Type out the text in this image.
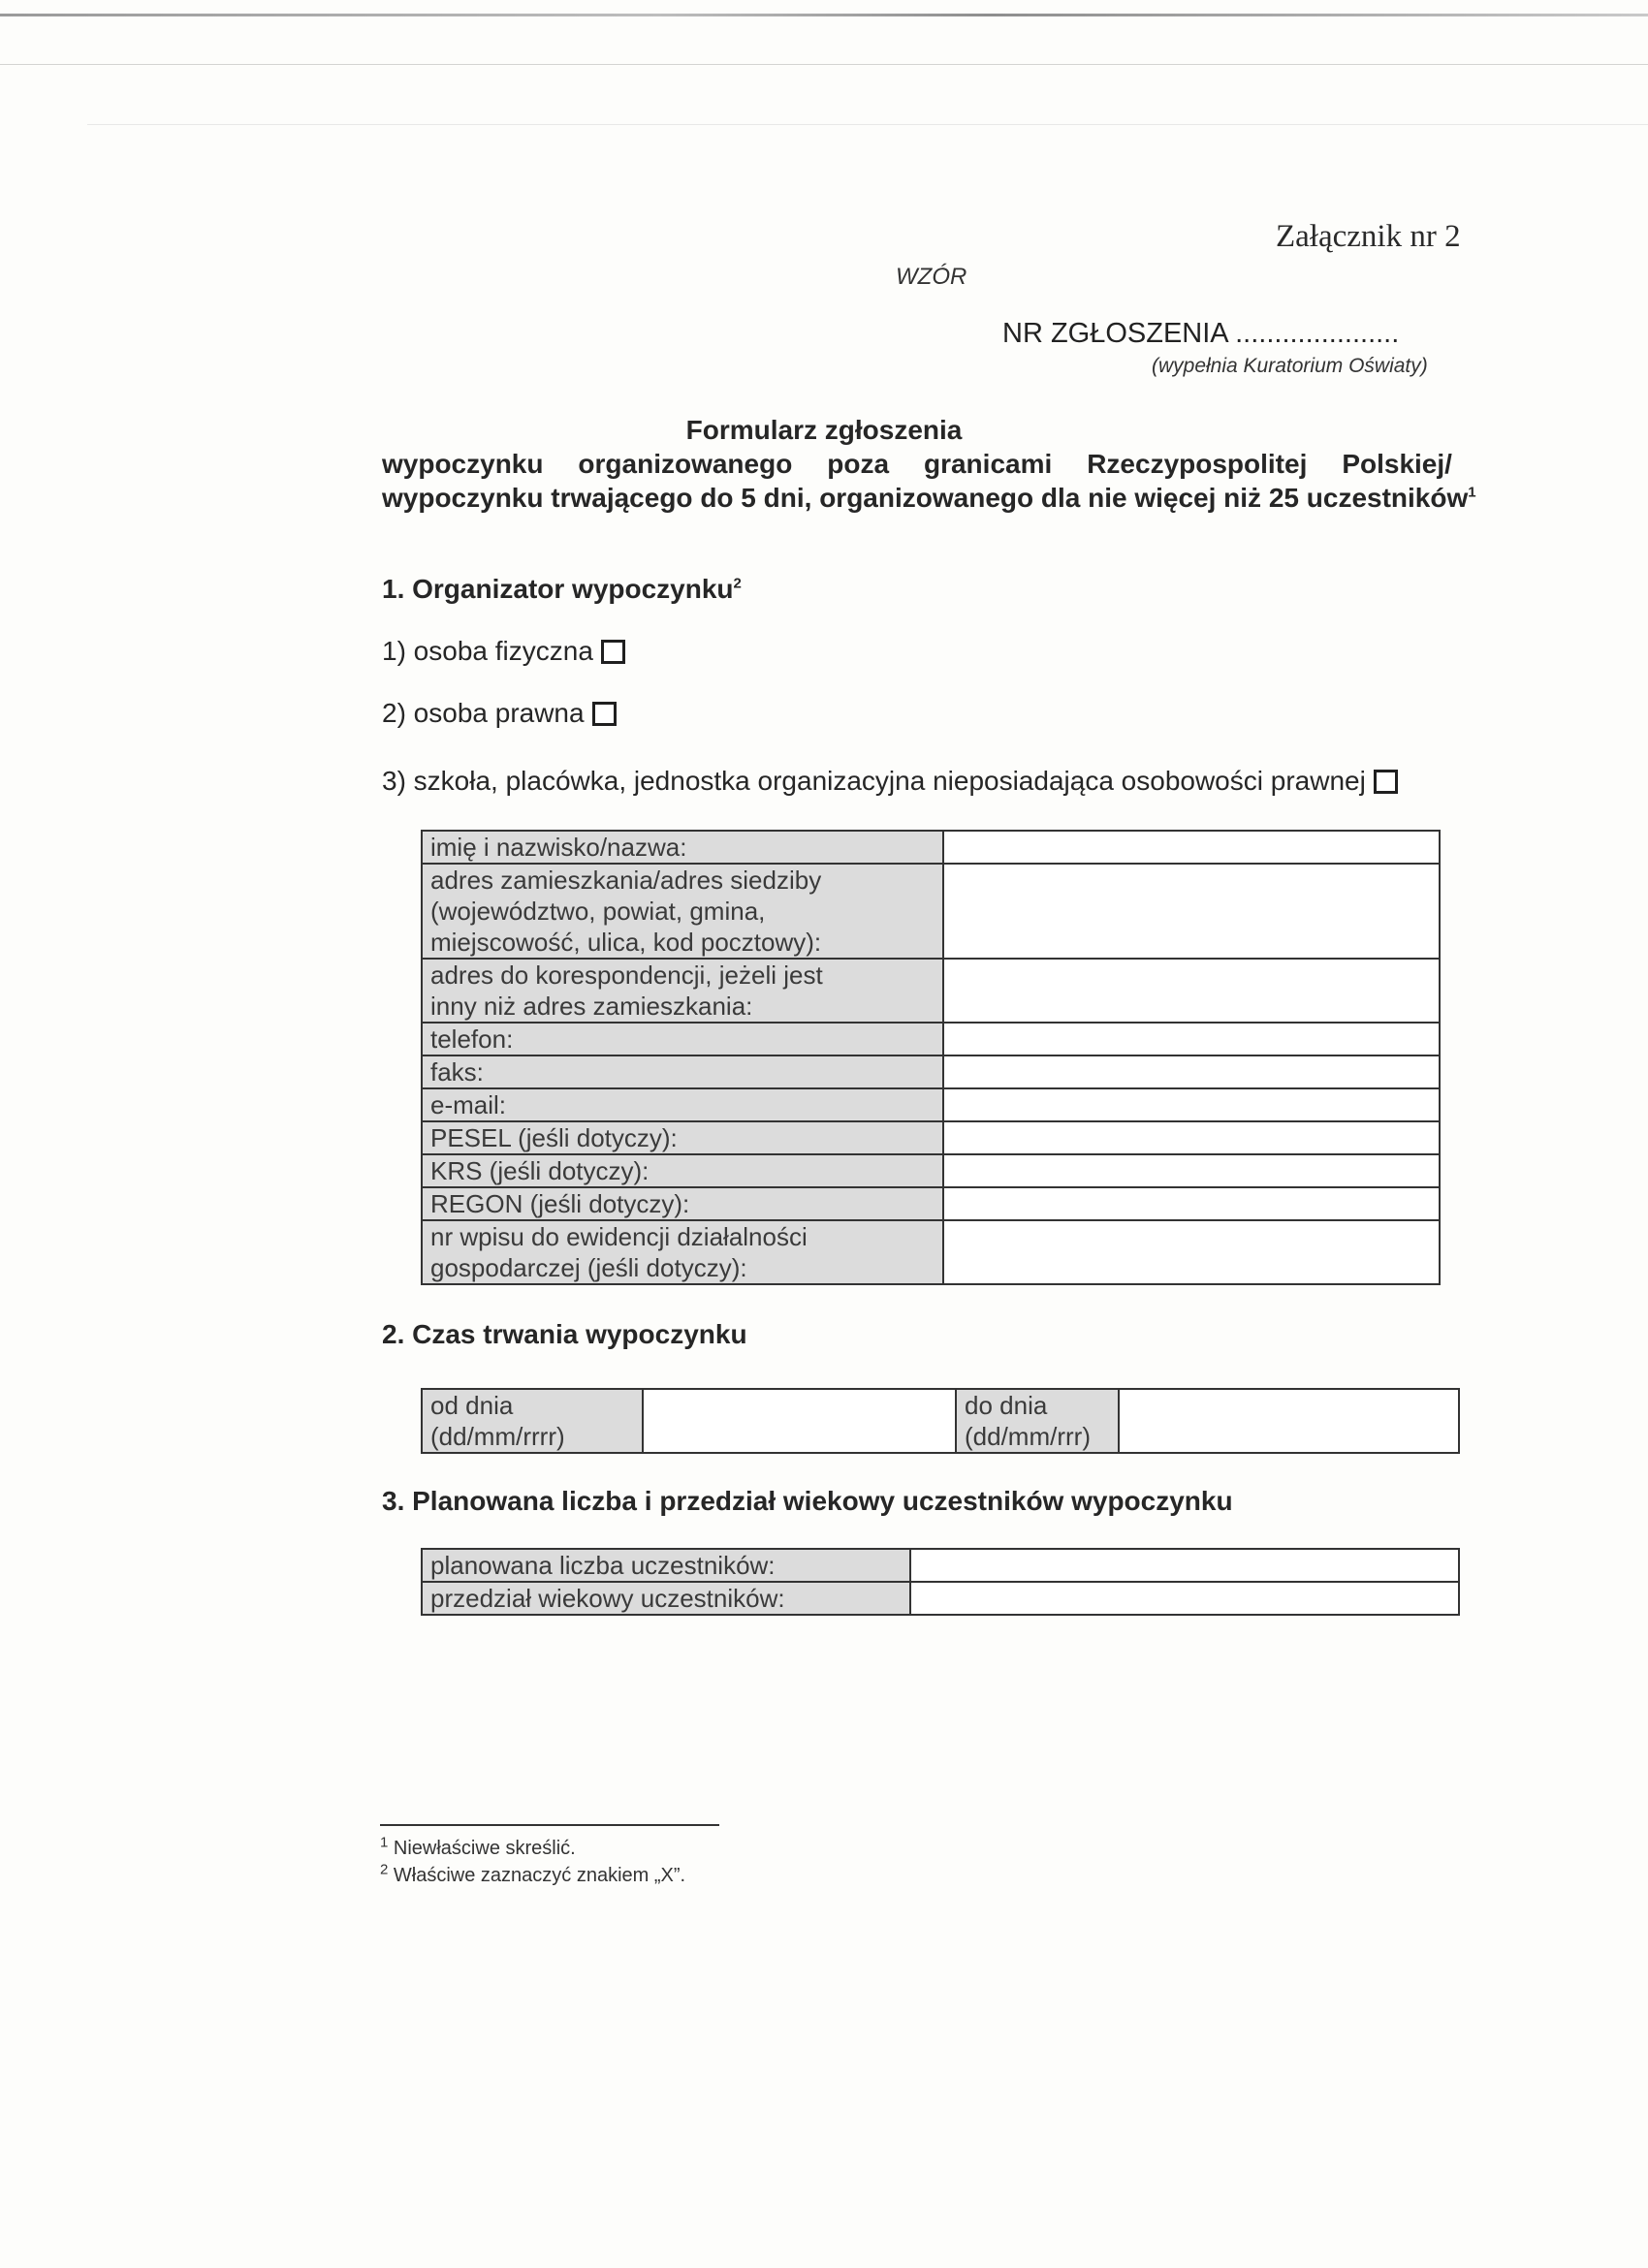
Załącznik nr 2
WZÓR
NR ZGŁOSZENIA .....................
(wypełnia Kuratorium Oświaty)
Formularz zgłoszenia
wypoczynku organizowanego poza granicami Rzeczypospolitej Polskiej/
wypoczynku trwającego do 5 dni, organizowanego dla nie więcej niż 25 uczestników$^1$
1. Organizator wypoczynku$^2$
1) osoba fizyczna
2) osoba prawna
3) szkoła, placówka, jednostka organizacyjna nieposiadająca osobowości prawnej
imię i nazwisko/nazwa:	

adres zamieszkania/adres siedziby
(województwo, powiat, gmina,
miejscowość, ulica, kod pocztowy):	

adres do korespondencji, jeżeli jest
inny niż adres zamieszkania:	

telefon:	

faks:	

e-mail:	

PESEL (jeśli dotyczy):	

KRS (jeśli dotyczy):	

REGON (jeśli dotyczy):	

nr wpisu do ewidencji działalności
gospodarczej (jeśli dotyczy):	

2. Czas trwania wypoczynku
od dnia
(dd/mm/rrrr)

do dnia
(dd/mm/rrr)

3. Planowana liczba i przedział wiekowy uczestników wypoczynku
planowana liczba uczestników:	
przedział wiekowy uczestników:	
$^1$ Niewłaściwe skreślić.
$^2$ Właściwe zaznaczyć znakiem „X”.
